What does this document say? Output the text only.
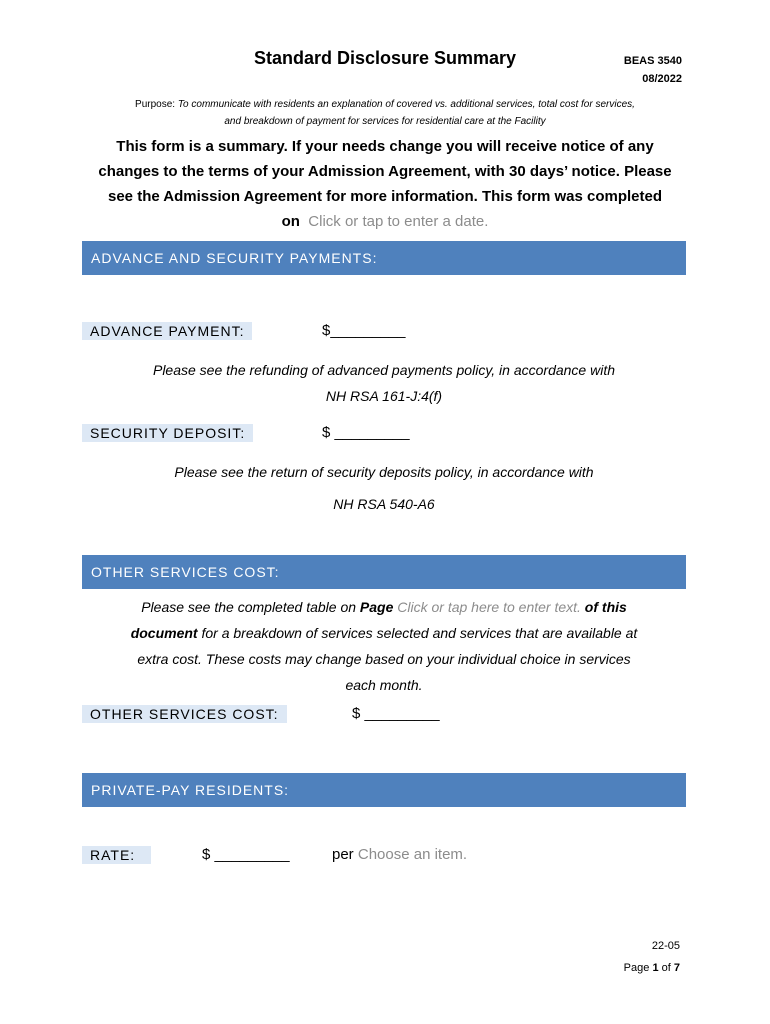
Standard Disclosure Summary	BEAS 3540
08/2022
Purpose: To communicate with residents an explanation of covered vs. additional services, total cost for services,
and breakdown of payment for services for residential care at the Facility
This form is a summary. If your needs change you will receive notice of any
changes to the terms of your Admission Agreement, with 30 days’ notice. Please
see the Admission Agreement for more information. This form was completed
on Click or tap to enter a date.
ADVANCE AND SECURITY PAYMENTS:
ADVANCE PAYMENT:	$_________
Please see the refunding of advanced payments policy, in accordance with
NH RSA 161-J:4(f)
SECURITY DEPOSIT:	$ _________
Please see the return of security deposits policy, in accordance with
NH RSA 540-A6
OTHER SERVICES COST:
Please see the completed table on Page Click or tap here to enter text. of this
document for a breakdown of services selected and services that are available at
extra cost. These costs may change based on your individual choice in services
each month.
OTHER SERVICES COST:	$ _________
PRIVATE-PAY RESIDENTS:
RATE:	$ _________	per Choose an item.
22-05
Page 1 of 7
